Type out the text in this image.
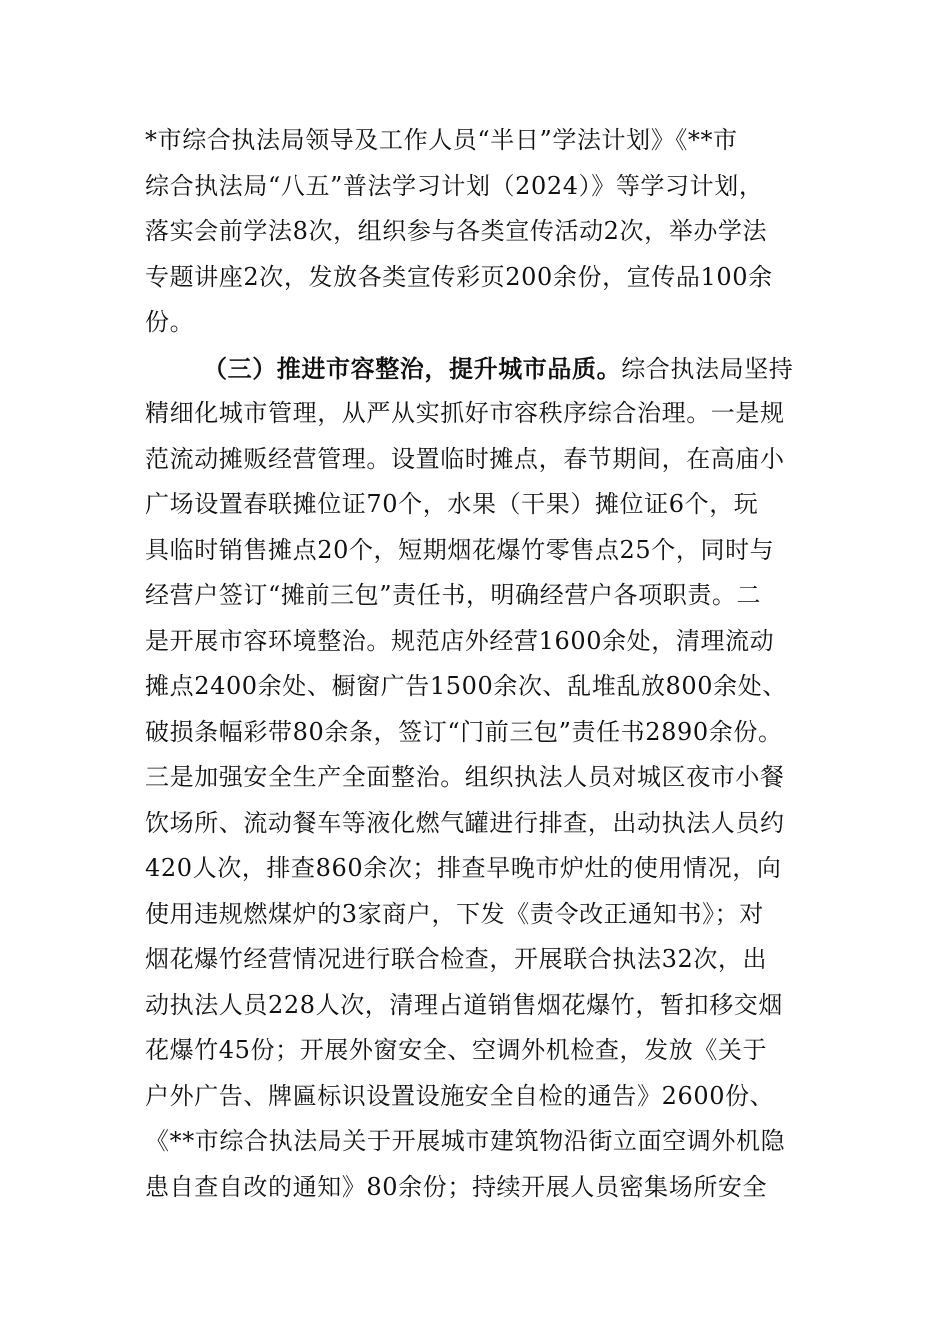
*市综合执法局领导及工作人员“半日”学法计划》《**市
综合执法局“八五”普法学习计划（2024）》等学习计划，
落实会前学法8次，组织参与各类宣传活动2次，举办学法
专题讲座2次，发放各类宣传彩页200余份，宣传品100余
份。
（三）推进市容整治，提升城市品质。综合执法局坚持
精细化城市管理，从严从实抓好市容秩序综合治理。一是规
范流动摊贩经营管理。设置临时摊点，春节期间，在高庙小
广场设置春联摊位证70个，水果（干果）摊位证6个，玩
具临时销售摊点20个，短期烟花爆竹零售点25个，同时与
经营户签订“摊前三包”责任书，明确经营户各项职责。二
是开展市容环境整治。规范店外经营1600余处，清理流动
摊点2400余处、橱窗广告1500余次、乱堆乱放800余处、
破损条幅彩带80余条，签订“门前三包”责任书2890余份。
三是加强安全生产全面整治。组织执法人员对城区夜市小餐
饮场所、流动餐车等液化燃气罐进行排查，出动执法人员约
420人次，排查860余次；排查早晚市炉灶的使用情况，向
使用违规燃煤炉的3家商户，下发《责令改正通知书》；对
烟花爆竹经营情况进行联合检查，开展联合执法32次，出
动执法人员228人次，清理占道销售烟花爆竹，暂扣移交烟
花爆竹45份；开展外窗安全、空调外机检查，发放《关于
户外广告、牌匾标识设置设施安全自检的通告》2600份、
《**市综合执法局关于开展城市建筑物沿街立面空调外机隐
患自查自改的通知》80余份；持续开展人员密集场所安全
